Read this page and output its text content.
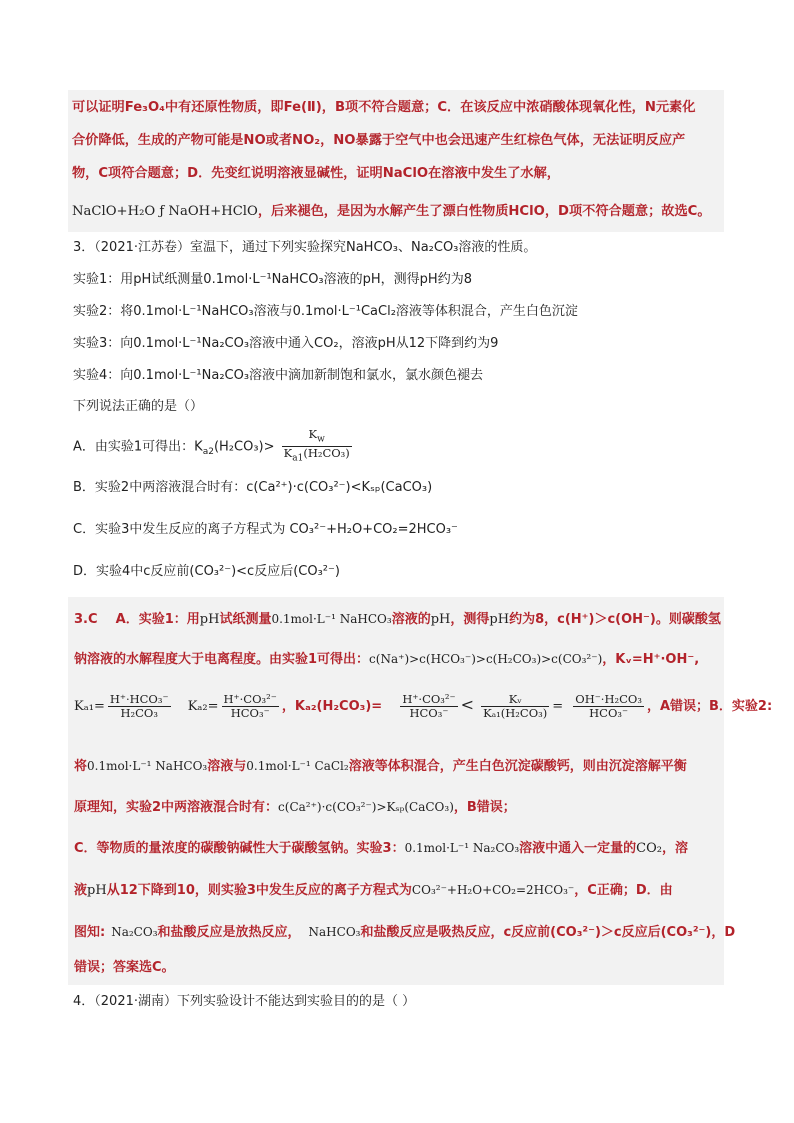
可以证明Fe₃O₄中有还原性物质，即Fe(Ⅱ)，B项不符合题意；C．在该反应中浓硝酸体现氧化性，N元素化
合价降低，生成的产物可能是NO或者NO₂，NO暴露于空气中也会迅速产生红棕色气体，无法证明反应产
物，C项符合题意；D．先变红说明溶液显碱性，证明NaClO在溶液中发生了水解，
NaClO+H₂O ƒ NaOH+HClO，后来褪色，是因为水解产生了漂白性物质HClO，D项不符合题意；故选C。
3．（2021·江苏卷）室温下，通过下列实验探究NaHCO₃、Na₂CO₃溶液的性质。
实验1：用pH试纸测量0.1mol·L⁻¹NaHCO₃溶液的pH，测得pH约为8
实验2：将0.1mol·L⁻¹NaHCO₃溶液与0.1mol·L⁻¹CaCl₂溶液等体积混合，产生白色沉淀
实验3：向0.1mol·L⁻¹Na₂CO₃溶液中通入CO₂，溶液pH从12下降到约为9
实验4：向0.1mol·L⁻¹Na₂CO₃溶液中滴加新制饱和氯水，氯水颜色褪去
下列说法正确的是（）
A．由实验1可得出：$K_{a2}(H_2CO_3)> \frac{K_w}{K_{a1}(H_2CO_3)}$
B．实验2中两溶液混合时有：c(Ca²⁺)·c(CO₃²⁻)<Kₛₚ(CaCO₃)
C．实验3中发生反应的离子方程式为 CO₃²⁻+H₂O+CO₂=2HCO₃⁻
D．实验4中c反应前(CO₃²⁻)<c反应后(CO₃²⁻)
3.C A．实验1：用pH试纸测量0.1mol·L⁻¹ NaHCO₃溶液的pH，测得pH约为8，c(H⁺)＞c(OH⁻)。则碳酸氢
钠溶液的水解程度大于电离程度。由实验1可得出：c(Na⁺)>c(HCO₃⁻)>c(H₂CO₃)>c(CO₃²⁻)，Kᵥ=H⁺·OH⁻,
$K_{a1}= \frac{\text{H⁺·HCO₃⁻}}{\text{H₂CO₃}} K_{a2}= \frac{\text{H⁺·CO₃²⁻}}{\text{HCO₃⁻}}$ ，$K_{a2}(H_2CO_3)= \frac{\text{H⁺·CO₃²⁻}}{\text{HCO₃⁻}} < \frac{\text{Kᵥ}}{\text{Kₐ₁(H₂CO₃)}} = \frac{\text{OH⁻·H₂CO₃}}{\text{HCO₃⁻}}$ ，A错误；B．实验2:
将0.1mol·L⁻¹ NaHCO₃溶液与0.1mol·L⁻¹ CaCl₂溶液等体积混合，产生白色沉淀碳酸钙，则由沉淀溶解平衡
原理知，实验2中两溶液混合时有：c(Ca²⁺)·c(CO₃²⁻)>Kₛₚ(CaCO₃)，B错误；
C．等物质的量浓度的碳酸钠碱性大于碳酸氢钠。实验3：0.1mol·L⁻¹ Na₂CO₃溶液中通入一定量的CO₂，溶
液pH从12下降到10，则实验3中发生反应的离子方程式为CO₃²⁻+H₂O+CO₂=2HCO₃⁻，C正确；D．由
图知: Na₂CO₃和盐酸反应是放热反应， NaHCO₃和盐酸反应是吸热反应，c反应前(CO₃²⁻)＞c反应后(CO₃²⁻)，D
错误；答案选C。
4．（2021·湖南）下列实验设计不能达到实验目的的是（ ）
